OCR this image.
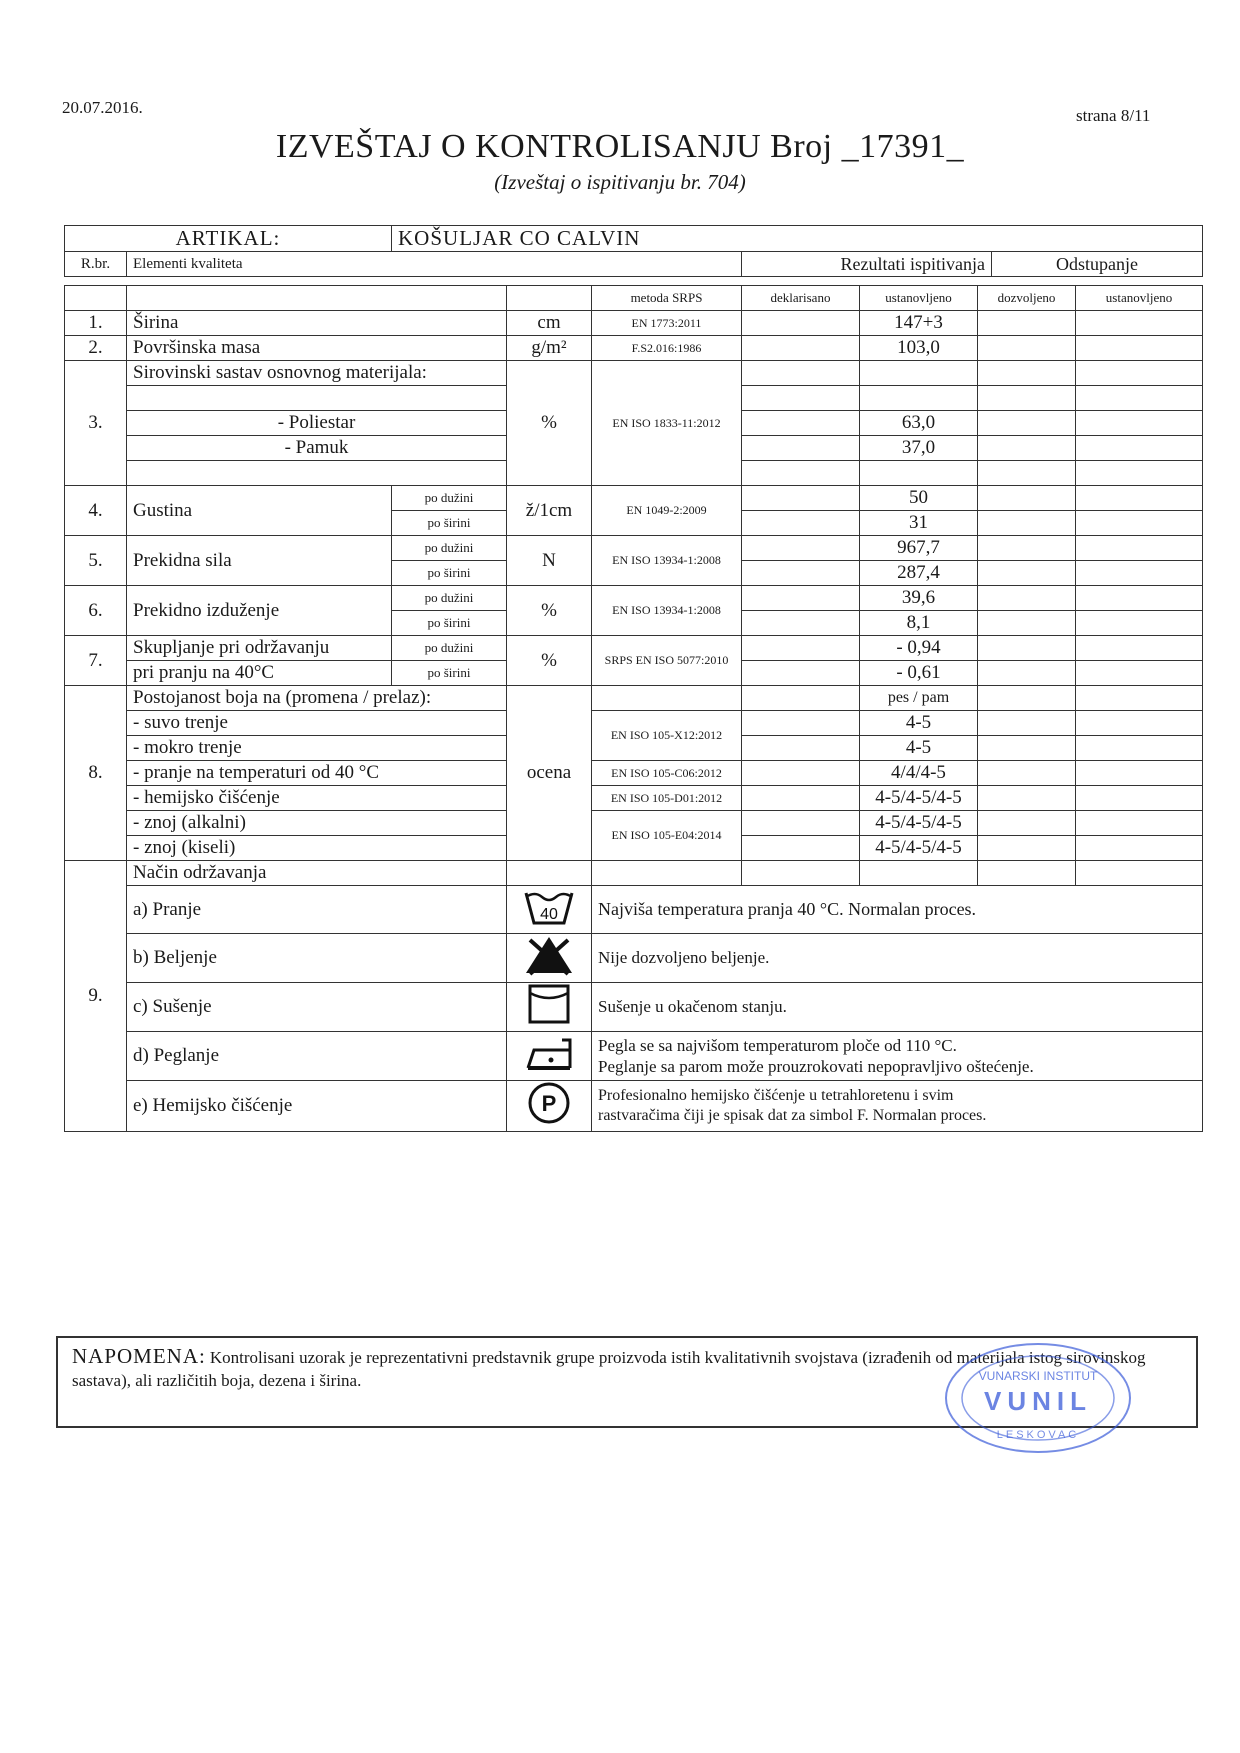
20.07.2016.	strana 8/11
IZVEŠTAJ O KONTROLISANJU Broj _17391_
(Izveštaj o ispitivanju br. 704)
ARTIKAL:		KOŠULJAR CO CALVIN		
R.br.	Elementi kvaliteta		Rezultati ispitivanja	Odstupanje
				metoda SRPS	deklarisano	ustanovljeno	dozvoljeno	ustanovljeno
1.	Širina		cm	EN 1773:2011		147+3		
2.	Površinska masa		g/m²	F.S2.016:1986		103,0		
3.	Sirovinski sastav osnovnog materijala:		%	EN ISO 1833-11:2012				

	- Poliestar					63,0		
	- Pamuk					37,0		

4.	Gustina	po dužini	ž/1cm	EN 1049-2:2009		50		
		po širini				31		
5.	Prekidna sila	po dužini	N	EN ISO 13934-1:2008		967,7		
		po širini				287,4		
6.	Prekidno izduženje	po dužini	%	EN ISO 13934-1:2008		39,6		
		po širini				8,1		
7.	Skupljanje pri održavanju	po dužini	%	SRPS EN ISO 5077:2010		- 0,94		
	pri pranju na 40°C	po širini				- 0,61		
8.	Postojanost boja na (promena / prelaz):		ocena			pes / pam		
	- suvo trenje			EN ISO 105-X12:2012		4-5		
	- mokro trenje					4-5		
	- pranje na temperaturi od 40 °C			EN ISO 105-C06:2012		4/4/4-5		
	- hemijsko čišćenje			EN ISO 105-D01:2012		4-5/4-5/4-5		
	- znoj (alkalni)			EN ISO 105-E04:2014		4-5/4-5/4-5		
	- znoj (kiseli)					4-5/4-5/4-5		
9.	Način održavanja							
	a) Pranje		40	Najviša temperatura pranja 40 °C. Normalan proces.				
	b) Beljenje			Nije dozvoljeno beljenje.				
	c) Sušenje			Sušenje u okačenom stanju.				
	d) Peglanje			Pegla se sa najvišom temperaturom ploče od 110 °C.
Peglanje sa parom može prouzrokovati nepopravljivo oštećenje.				

	e) Hemijsko čišćenje		P	Profesionalno hemijsko čišćenje u tetrahloretenu i svim
rastvaračima čiji je spisak dat za simbol F. Normalan proces.				
NAPOMENA: Kontrolisani uzorak je reprezentativni predstavnik grupe proizvoda istih kvalitativnih svojstava (izrađenih od materijala istog sirovinskog sastava), ali različitih boja, dezena i širina.	VUNARSKI INSTITUT
VUNIL
LESKOVAC
